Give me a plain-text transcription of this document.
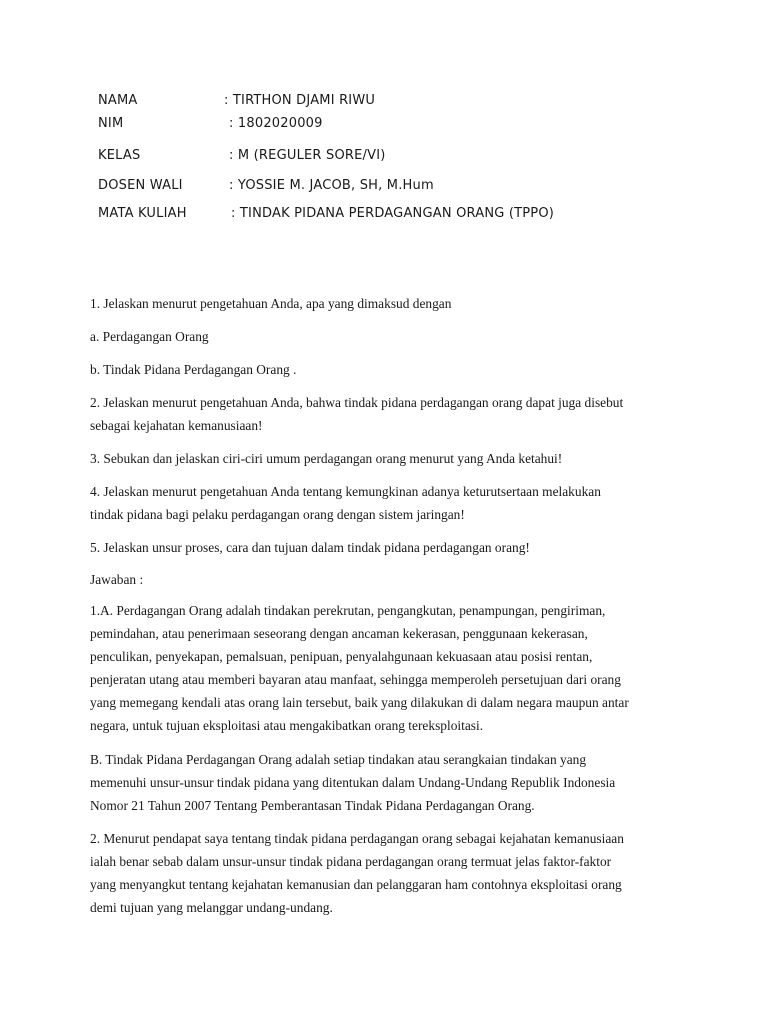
NAMA	: TIRTHON DJAMI RIWU
NIM	: 1802020009
KELAS	: M (REGULER SORE/VI)
DOSEN WALI	: YOSSIE M. JACOB, SH, M.Hum
MATA KULIAH	: TINDAK PIDANA PERDAGANGAN ORANG (TPPO)
1. Jelaskan menurut pengetahuan Anda, apa yang dimaksud dengan
a. Perdagangan Orang
b. Tindak Pidana Perdagangan Orang .
2. Jelaskan menurut pengetahuan Anda, bahwa tindak pidana perdagangan orang dapat juga disebut
sebagai kejahatan kemanusiaan!
3. Sebukan dan jelaskan ciri-ciri umum perdagangan orang menurut yang Anda ketahui!
4. Jelaskan menurut pengetahuan Anda tentang kemungkinan adanya keturutsertaan melakukan
tindak pidana bagi pelaku perdagangan orang dengan sistem jaringan!
5. Jelaskan unsur proses, cara dan tujuan dalam tindak pidana perdagangan orang!
Jawaban :
1.A. Perdagangan Orang adalah tindakan perekrutan, pengangkutan, penampungan, pengiriman,
pemindahan, atau penerimaan seseorang dengan ancaman kekerasan, penggunaan kekerasan,
penculikan, penyekapan, pemalsuan, penipuan, penyalahgunaan kekuasaan atau posisi rentan,
penjeratan utang atau memberi bayaran atau manfaat, sehingga memperoleh persetujuan dari orang
yang memegang kendali atas orang lain tersebut, baik yang dilakukan di dalam negara maupun antar
negara, untuk tujuan eksploitasi atau mengakibatkan orang tereksploitasi.
B. Tindak Pidana Perdagangan Orang adalah setiap tindakan atau serangkaian tindakan yang
memenuhi unsur-unsur tindak pidana yang ditentukan dalam Undang-Undang Republik Indonesia
Nomor 21 Tahun 2007 Tentang Pemberantasan Tindak Pidana Perdagangan Orang.
2. Menurut pendapat saya tentang tindak pidana perdagangan orang sebagai kejahatan kemanusiaan
ialah benar sebab dalam unsur-unsur tindak pidana perdagangan orang termuat jelas faktor-faktor
yang menyangkut tentang kejahatan kemanusian dan pelanggaran ham contohnya eksploitasi orang
demi tujuan yang melanggar undang-undang.
